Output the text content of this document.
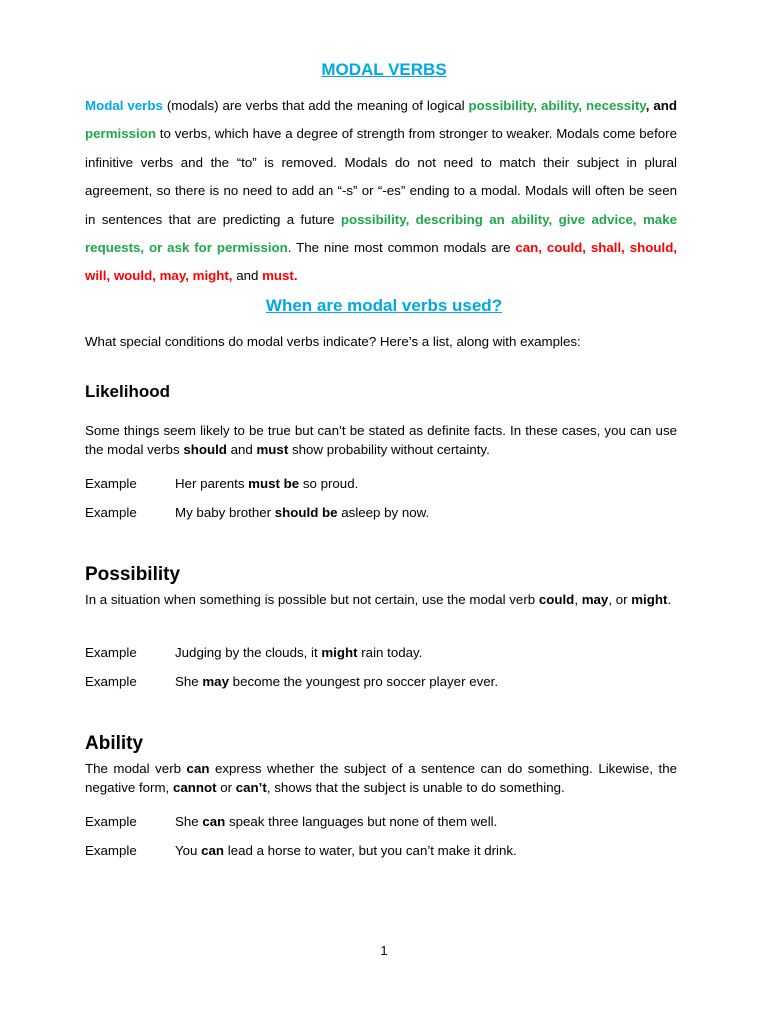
MODAL VERBS

Modal verbs (modals) are verbs that add the meaning of logical possibility, ability, necessity, and permission to verbs, which have a degree of strength from stronger to weaker. Modals come before infinitive verbs and the “to” is removed. Modals do not need to match their subject in plural agreement, so there is no need to add an “-s” or “-es” ending to a modal. Modals will often be seen in sentences that are predicting a future possibility, describing an ability, give advice, make requests, or ask for permission. The nine most common modals are can, could, shall, should, will, would, may, might, and must.

When are modal verbs used?

What special conditions do modal verbs indicate? Here’s a list, along with examples:

Likelihood

Some things seem likely to be true but can’t be stated as definite facts. In these cases, you can use the modal verbs should and must show probability without certainty.

Example	Her parents must be so proud.

Example	My baby brother should be asleep by now.

Possibility

In a situation when something is possible but not certain, use the modal verb could, may, or might.

Example	Judging by the clouds, it might rain today.

Example	She may become the youngest pro soccer player ever.

Ability

The modal verb can express whether the subject of a sentence can do something. Likewise, the negative form, cannot or can’t, shows that the subject is unable to do something.

Example	She can speak three languages but none of them well.

Example	You can lead a horse to water, but you can’t make it drink.

1
